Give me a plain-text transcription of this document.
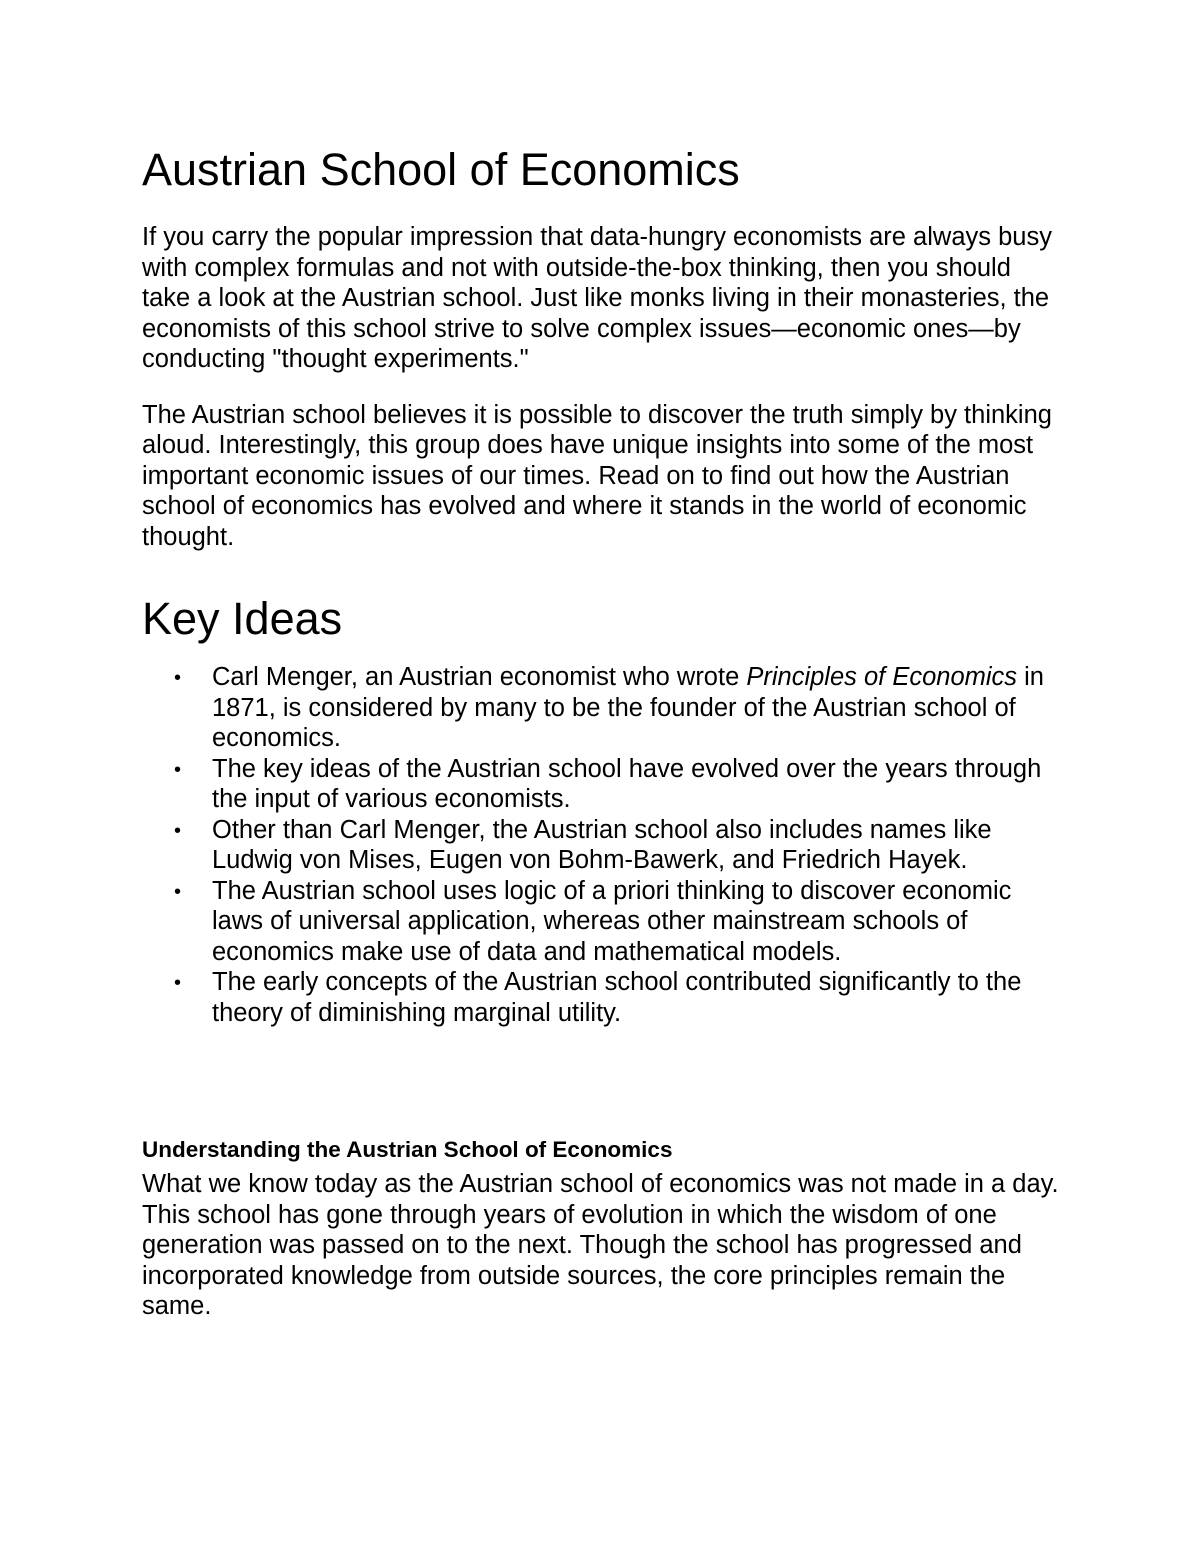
Austrian School of Economics

If you carry the popular impression that data-hungry economists are always busy with complex formulas and not with outside-the-box thinking, then you should take a look at the Austrian school. Just like monks living in their monasteries, the economists of this school strive to solve complex issues—economic ones—by conducting "thought experiments."

The Austrian school believes it is possible to discover the truth simply by thinking aloud. Interestingly, this group does have unique insights into some of the most important economic issues of our times. Read on to find out how the Austrian school of economics has evolved and where it stands in the world of economic thought.

Key Ideas
• Carl Menger, an Austrian economist who wrote Principles of Economics in 1871, is considered by many to be the founder of the Austrian school of economics.
• The key ideas of the Austrian school have evolved over the years through the input of various economists.
• Other than Carl Menger, the Austrian school also includes names like Ludwig von Mises, Eugen von Bohm-Bawerk, and Friedrich Hayek.
• The Austrian school uses logic of a priori thinking to discover economic laws of universal application, whereas other mainstream schools of economics make use of data and mathematical models.
• The early concepts of the Austrian school contributed significantly to the theory of diminishing marginal utility.
Understanding the Austrian School of Economics

What we know today as the Austrian school of economics was not made in a day. This school has gone through years of evolution in which the wisdom of one generation was passed on to the next. Though the school has progressed and incorporated knowledge from outside sources, the core principles remain the same.
